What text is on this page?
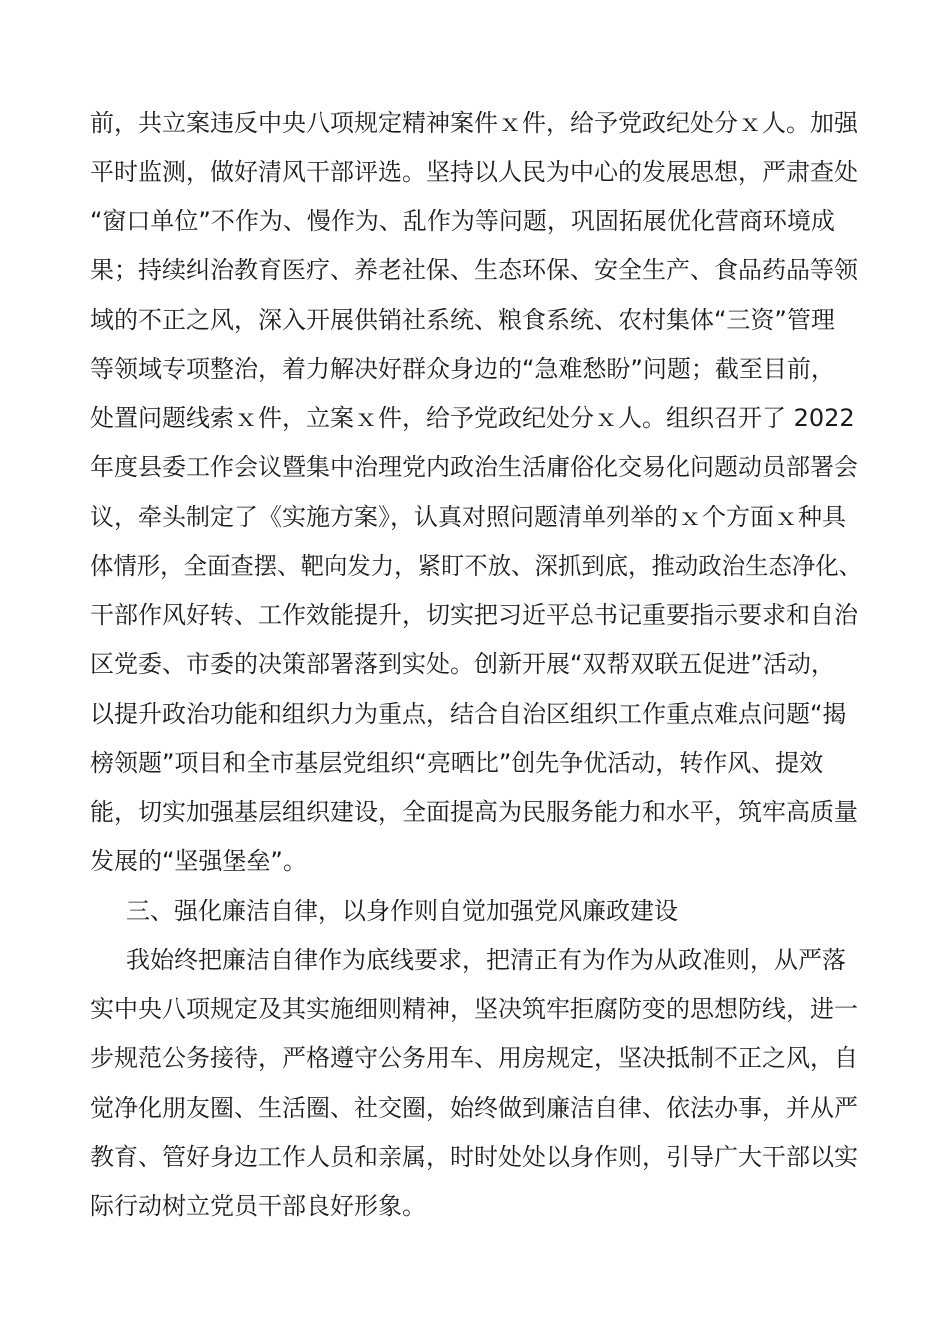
前，共立案违反中央八项规定精神案件ｘ件，给予党政纪处分ｘ人。加强
平时监测，做好清风干部评选。坚持以人民为中心的发展思想，严肃查处
“窗口单位”不作为、慢作为、乱作为等问题，巩固拓展优化营商环境成
果；持续纠治教育医疗、养老社保、生态环保、安全生产、食品药品等领
域的不正之风，深入开展供销社系统、粮食系统、农村集体“三资”管理
等领域专项整治，着力解决好群众身边的“急难愁盼”问题；截至目前，
处置问题线索ｘ件，立案ｘ件，给予党政纪处分ｘ人。组织召开了 2022
年度县委工作会议暨集中治理党内政治生活庸俗化交易化问题动员部署会
议，牵头制定了《实施方案》，认真对照问题清单列举的ｘ个方面ｘ种具
体情形，全面查摆、靶向发力，紧盯不放、深抓到底，推动政治生态净化、
干部作风好转、工作效能提升，切实把习近平总书记重要指示要求和自治
区党委、市委的决策部署落到实处。创新开展“双帮双联五促进”活动，
以提升政治功能和组织力为重点，结合自治区组织工作重点难点问题“揭
榜领题”项目和全市基层党组织“亮晒比”创先争优活动，转作风、提效
能，切实加强基层组织建设，全面提高为民服务能力和水平，筑牢高质量
发展的“坚强堡垒”。
三、强化廉洁自律，以身作则自觉加强党风廉政建设
我始终把廉洁自律作为底线要求，把清正有为作为从政准则，从严落
实中央八项规定及其实施细则精神，坚决筑牢拒腐防变的思想防线，进一
步规范公务接待，严格遵守公务用车、用房规定，坚决抵制不正之风，自
觉净化朋友圈、生活圈、社交圈，始终做到廉洁自律、依法办事，并从严
教育、管好身边工作人员和亲属，时时处处以身作则，引导广大干部以实
际行动树立党员干部良好形象。
